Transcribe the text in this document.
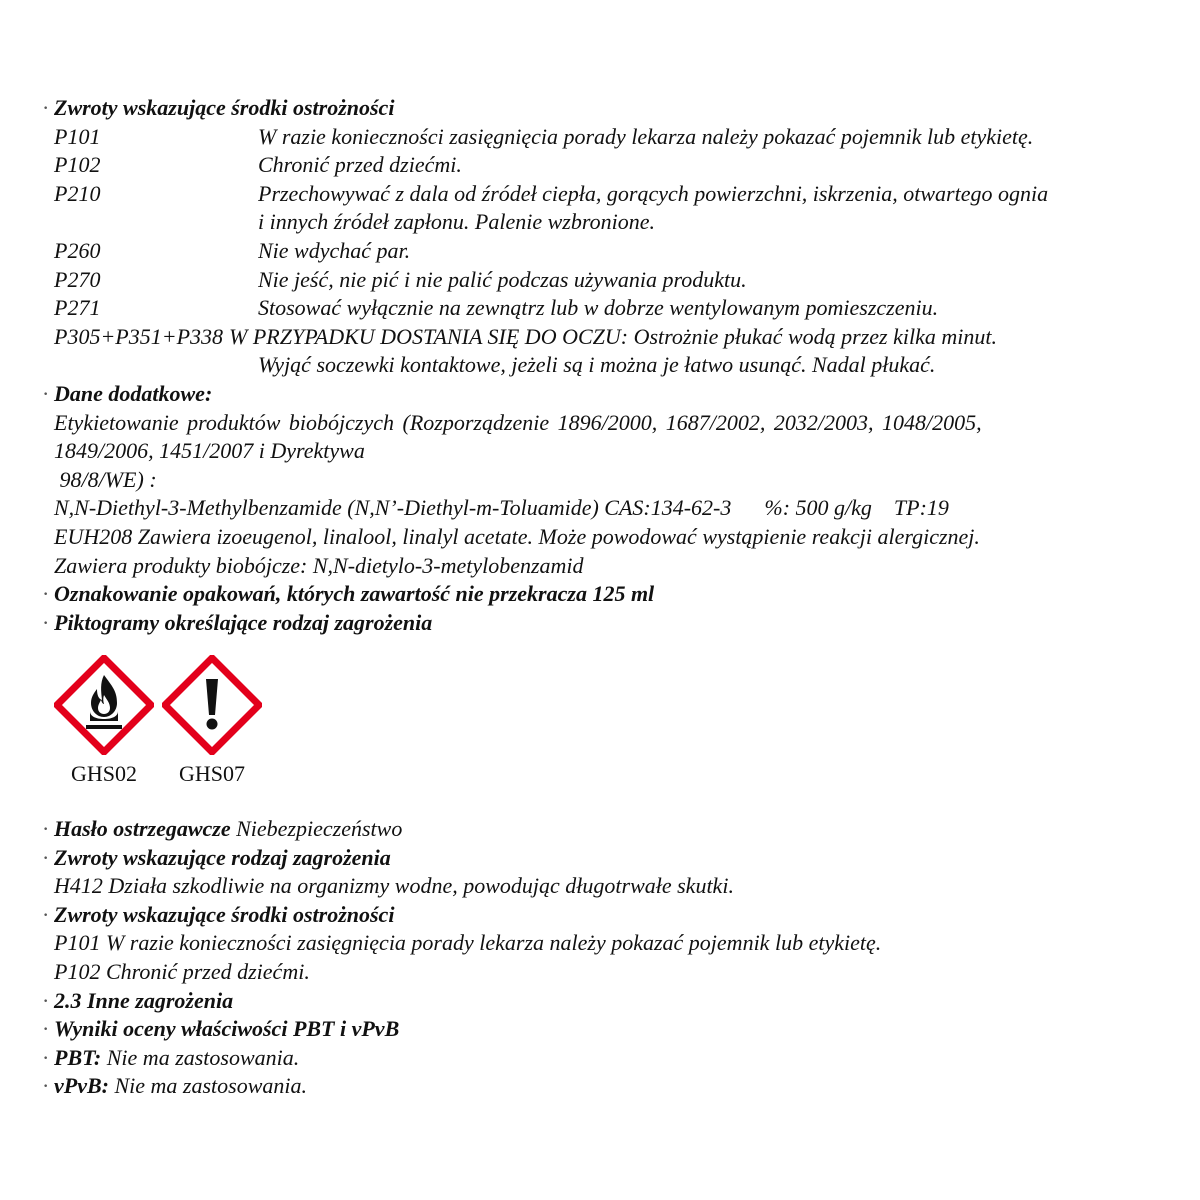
· Zwroty wskazujące środki ostrożności
P101	W razie konieczności zasięgnięcia porady lekarza należy pokazać pojemnik lub etykietę.
P102	Chronić przed dziećmi.
P210	Przechowywać z dala od źródeł ciepła, gorących powierzchni, iskrzenia, otwartego ognia
i innych źródeł zapłonu. Palenie wzbronione.
P260	Nie wdychać par.
P270	Nie jeść, nie pić i nie palić podczas używania produktu.
P271	Stosować wyłącznie na zewnątrz lub w dobrze wentylowanym pomieszczeniu.
P305+P351+P338 W PRZYPADKU DOSTANIA SIĘ DO OCZU: Ostrożnie płukać wodą przez kilka minut.
Wyjąć soczewki kontaktowe, jeżeli są i można je łatwo usunąć. Nadal płukać.
· Dane dodatkowe:
Etykietowanie produktów biobójczych (Rozporządzenie 1896/2000, 1687/2002, 2032/2003, 1048/2005,
1849/2006, 1451/2007 i Dyrektywa
98/8/WE) :
N,N-Diethyl-3-Methylbenzamide (N,N’-Diethyl-m-Toluamide) CAS:134-62-3      %: 500 g/kg    TP:19
EUH208 Zawiera izoeugenol, linalool, linalyl acetate. Może powodować wystąpienie reakcji alergicznej.
Zawiera produkty biobójcze: N,N-dietylo-3-metylobenzamid
· Oznakowanie opakowań, których zawartość nie przekracza 125 ml
· Piktogramy określające rodzaj zagrożenia
GHS02	GHS07
· Hasło ostrzegawcze Niebezpieczeństwo
· Zwroty wskazujące rodzaj zagrożenia
H412 Działa szkodliwie na organizmy wodne, powodując długotrwałe skutki.
· Zwroty wskazujące środki ostrożności
P101 W razie konieczności zasięgnięcia porady lekarza należy pokazać pojemnik lub etykietę.
P102 Chronić przed dziećmi.
· 2.3 Inne zagrożenia
· Wyniki oceny właściwości PBT i vPvB
· PBT: Nie ma zastosowania.
· vPvB: Nie ma zastosowania.
